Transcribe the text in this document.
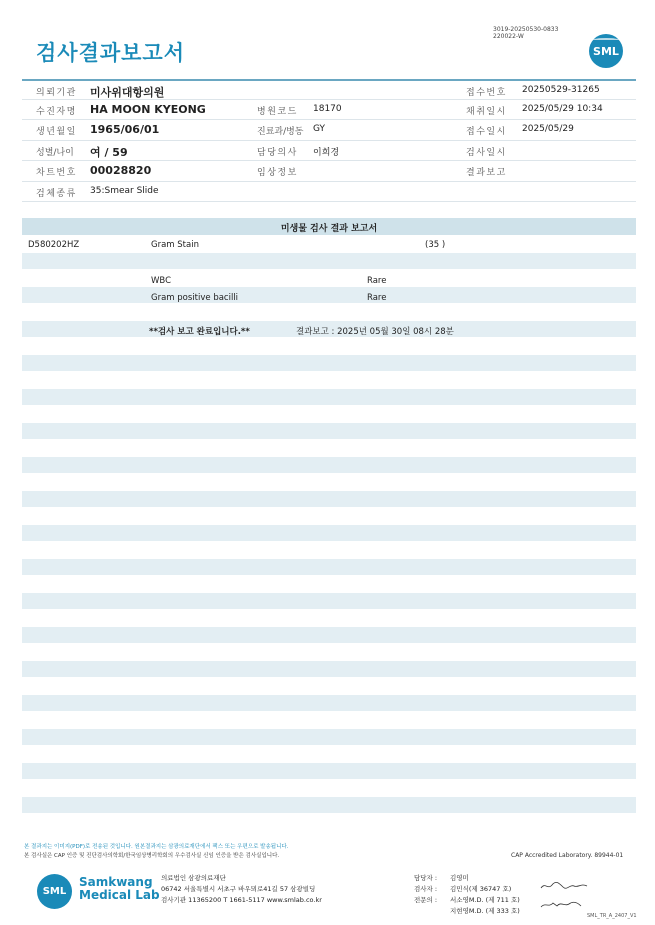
검사결과보고서
3019-20250530-0833
220022-W
SML
의뢰기관 미사위대항의원	접수번호 20250529-31265
수진자명 HA MOON KYEONG	병원코드 18170	채취일시 2025/05/29 10:34
생년월일 1965/06/01	진료과/병동 GY	접수일시 2025/05/29
성별/나이 여 / 59	담당의사 이희경	검사일시
차트번호 00028820	임상정보	결과보고
검체종류 35:Smear Slide
미생물 검사 결과 보고서
D580202HZ	Gram Stain	(35 )
WBC	Rare
Gram positive bacilli	Rare
**검사 보고 완료입니다.**	결과보고 : 2025년 05월 30일 08시 28분
본 결과지는 이미지(PDF)로 전송된 것입니다. 원본결과지는 삼광의료재단에서 팩스 또는 우편으로 발송됩니다.
본 검사실은 CAP 인증 및 진단검사의학회/한국임상병리학회의 우수검사실 신임 인증을 받은 검사실입니다.	CAP Accredited Laboratory. 89944-01
SML
Samkwang
Medical Lab
의료법인 삼광의료재단
06742 서울특별시 서초구 바우뫼로41길 57 삼광빌딩
검사기관 11365200 T 1661-5117 www.smlab.co.kr
담당자 : 김영미
검사자 : 김민식(제 36747 호)
전문의 : 서소영M.D. (제 711 호)
지현영M.D. (제 333 호)
SML_TR_A_2407_V1
